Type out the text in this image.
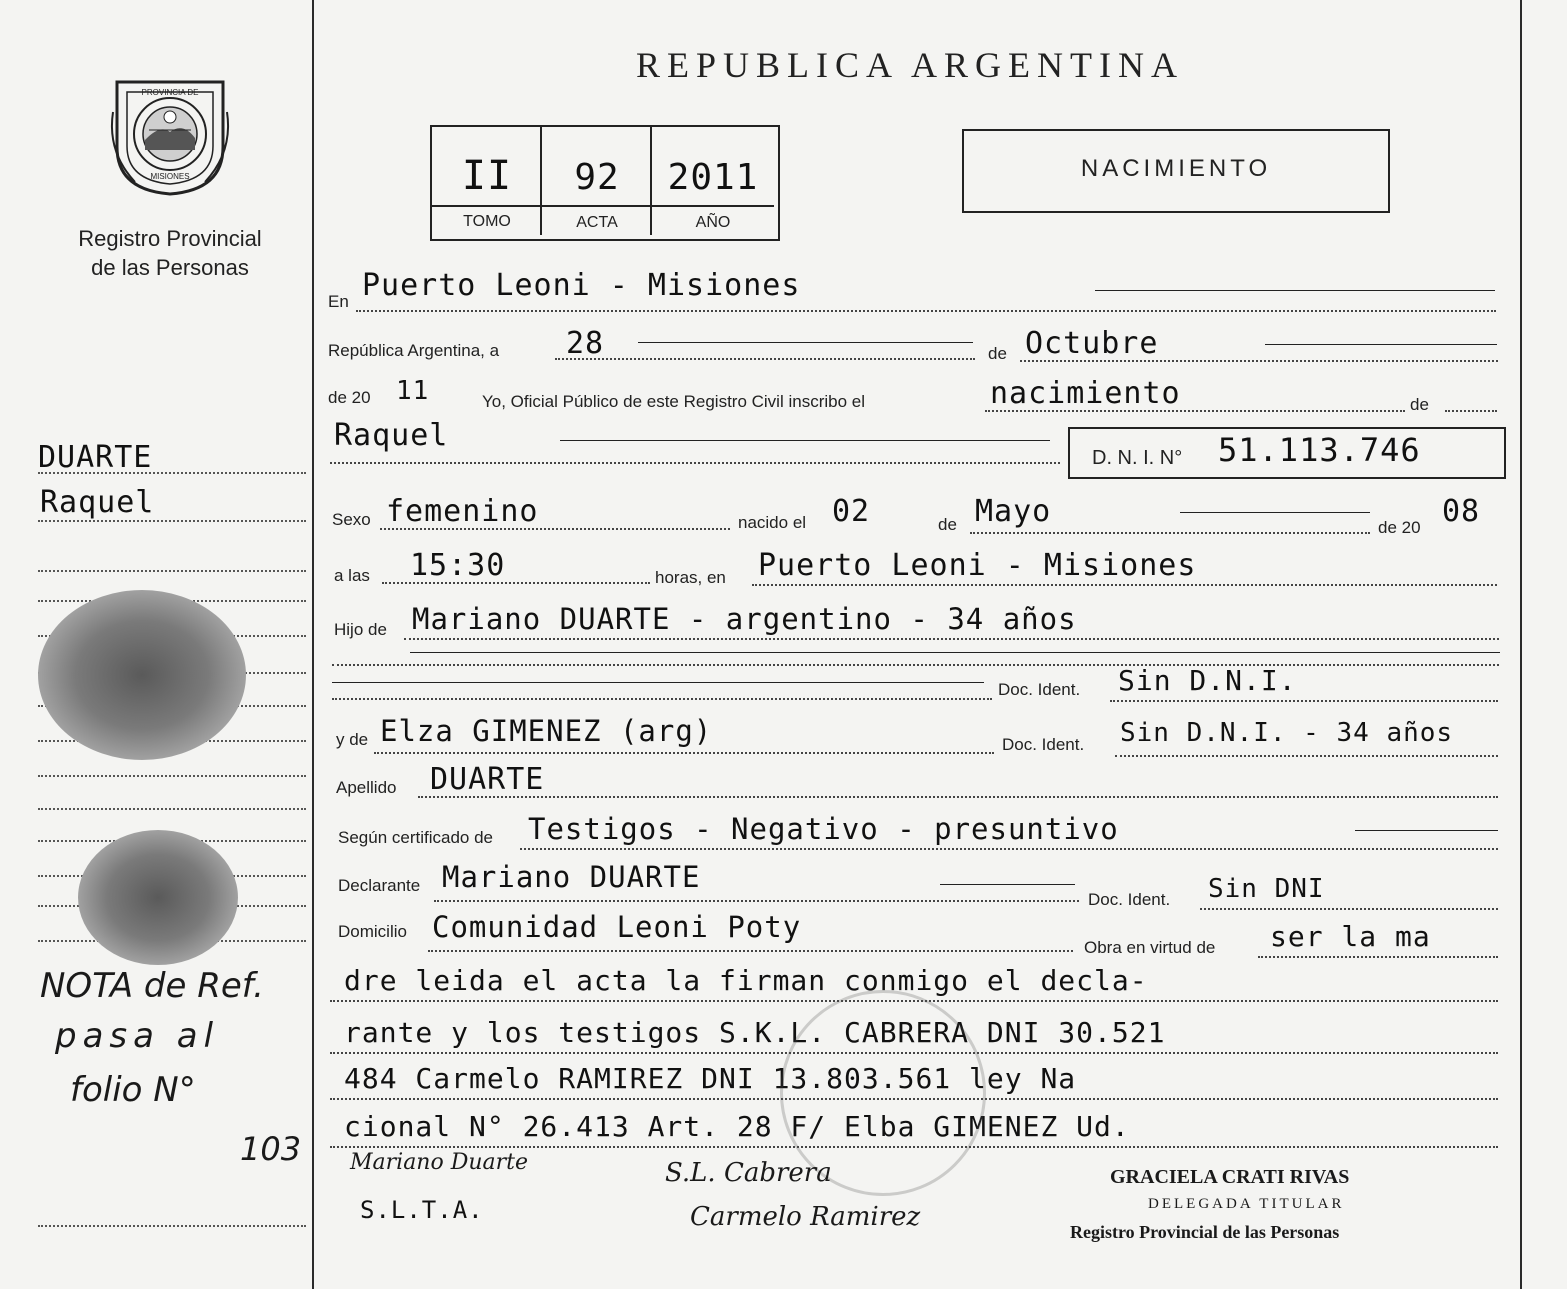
PROVINCIA DE
MISIONES
Registro Provincial
de las Personas
REPUBLICA ARGENTINA
II	92	2011
TOMO	ACTA	AÑO
NACIMIENTO
En Puerto Leoni - Misiones
República Argentina, a 28	de Octubre
de 20 11	Yo, Oficial Público de este Registro Civil inscribo el	nacimiento	de
Raquel
D. N. I. N° 51.113.746
Sexo femenino	nacido el 02	de Mayo	de 20 08
a las 15:30	horas, en Puerto Leoni - Misiones
Hijo de Mariano DUARTE - argentino - 34 años
Doc. Ident. Sin D.N.I.
y de Elza GIMENEZ (arg)	Doc. Ident. Sin D.N.I. - 34 años
Apellido DUARTE
Según certificado de Testigos - Negativo - presuntivo
Declarante Mariano DUARTE
Doc. Ident. Sin DNI
Domicilio Comunidad Leoni Poty
Obra en virtud de ser la ma
dre leida el acta la firman conmigo el decla-
rante y los testigos S.K.L. CABRERA DNI 30.521
484 Carmelo RAMIREZ DNI 13.803.561 ley Na
cional N° 26.413 Art. 28 F/ Elba GIMENEZ Ud.
Mariano Duarte
S.L.T.A.
S.L. Cabrera
Carmelo Ramirez
GRACIELA CRATI RIVAS
DELEGADA TITULAR
Registro Provincial de las Personas
DUARTE
Raquel
NOTA de Ref.
pasa al
folio N°
103
